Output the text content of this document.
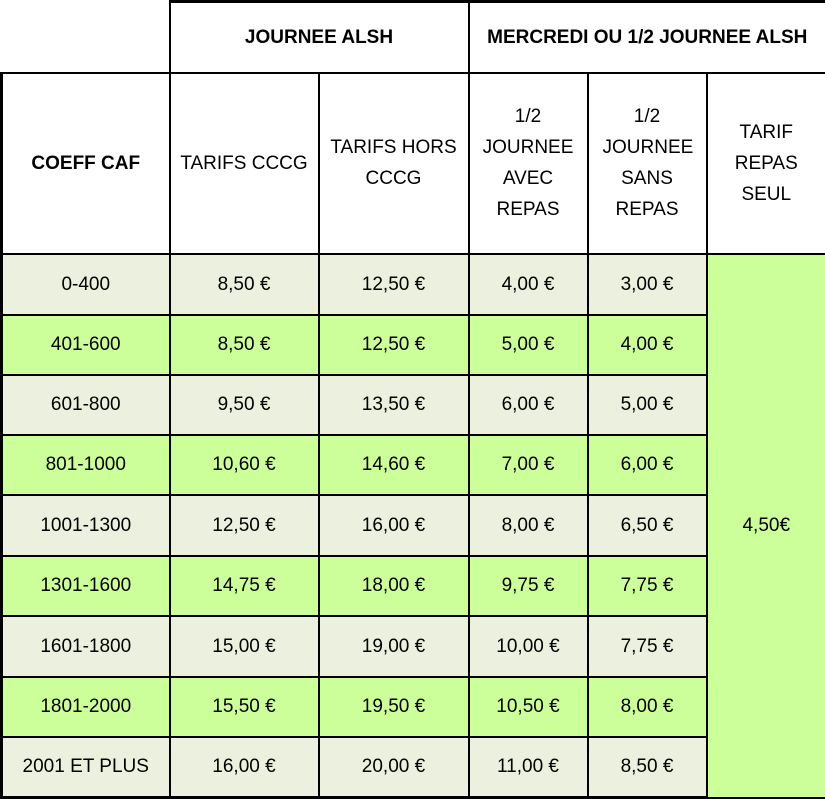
	JOURNEE ALSH		MERCREDI OU 1/2 JOURNEE ALSH		
COEFF CAF	TARIFS CCCG	TARIFS HORS CCCG	1/2 JOURNEE AVEC REPAS	1/2 JOURNEE SANS REPAS	TARIF REPAS SEUL
0-400	8,50 €	12,50 €	4,00 €	3,00 €	4,50€
401-600	8,50 €	12,50 €	5,00 €	4,00 €	
601-800	9,50 €	13,50 €	6,00 €	5,00 €	
801-1000	10,60 €	14,60 €	7,00 €	6,00 €	
1001-1300	12,50 €	16,00 €	8,00 €	6,50 €	
1301-1600	14,75 €	18,00 €	9,75 €	7,75 €	
1601-1800	15,00 €	19,00 €	10,00 €	7,75 €	
1801-2000	15,50 €	19,50 €	10,50 €	8,00 €	
2001 ET PLUS	16,00 €	20,00 €	11,00 €	8,50 €	
